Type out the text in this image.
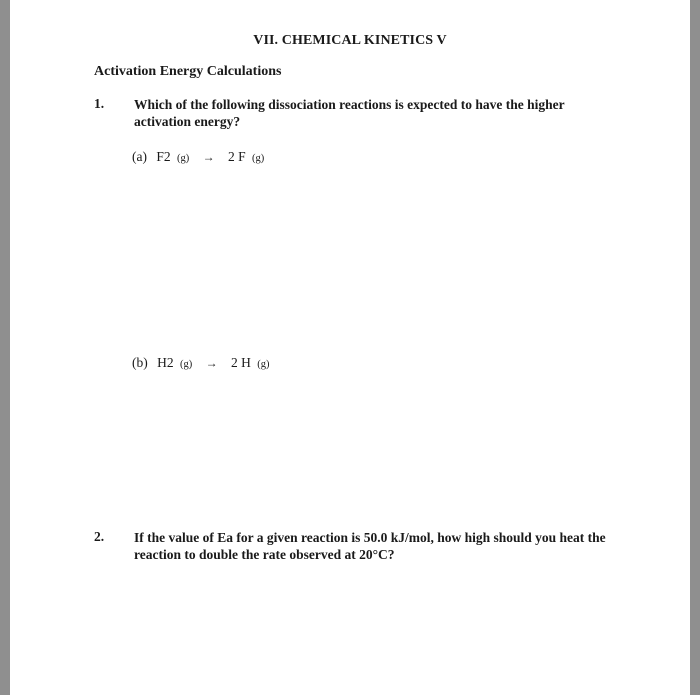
VII. CHEMICAL KINETICS V
Activation Energy Calculations
1. Which of the following dissociation reactions is expected to have the higher activation energy?
(a) F2 (g) → 2 F (g)
(b) H2 (g) → 2 H (g)
2. If the value of Ea for a given reaction is 50.0 kJ/mol, how high should you heat the reaction to double the rate observed at 20°C?
